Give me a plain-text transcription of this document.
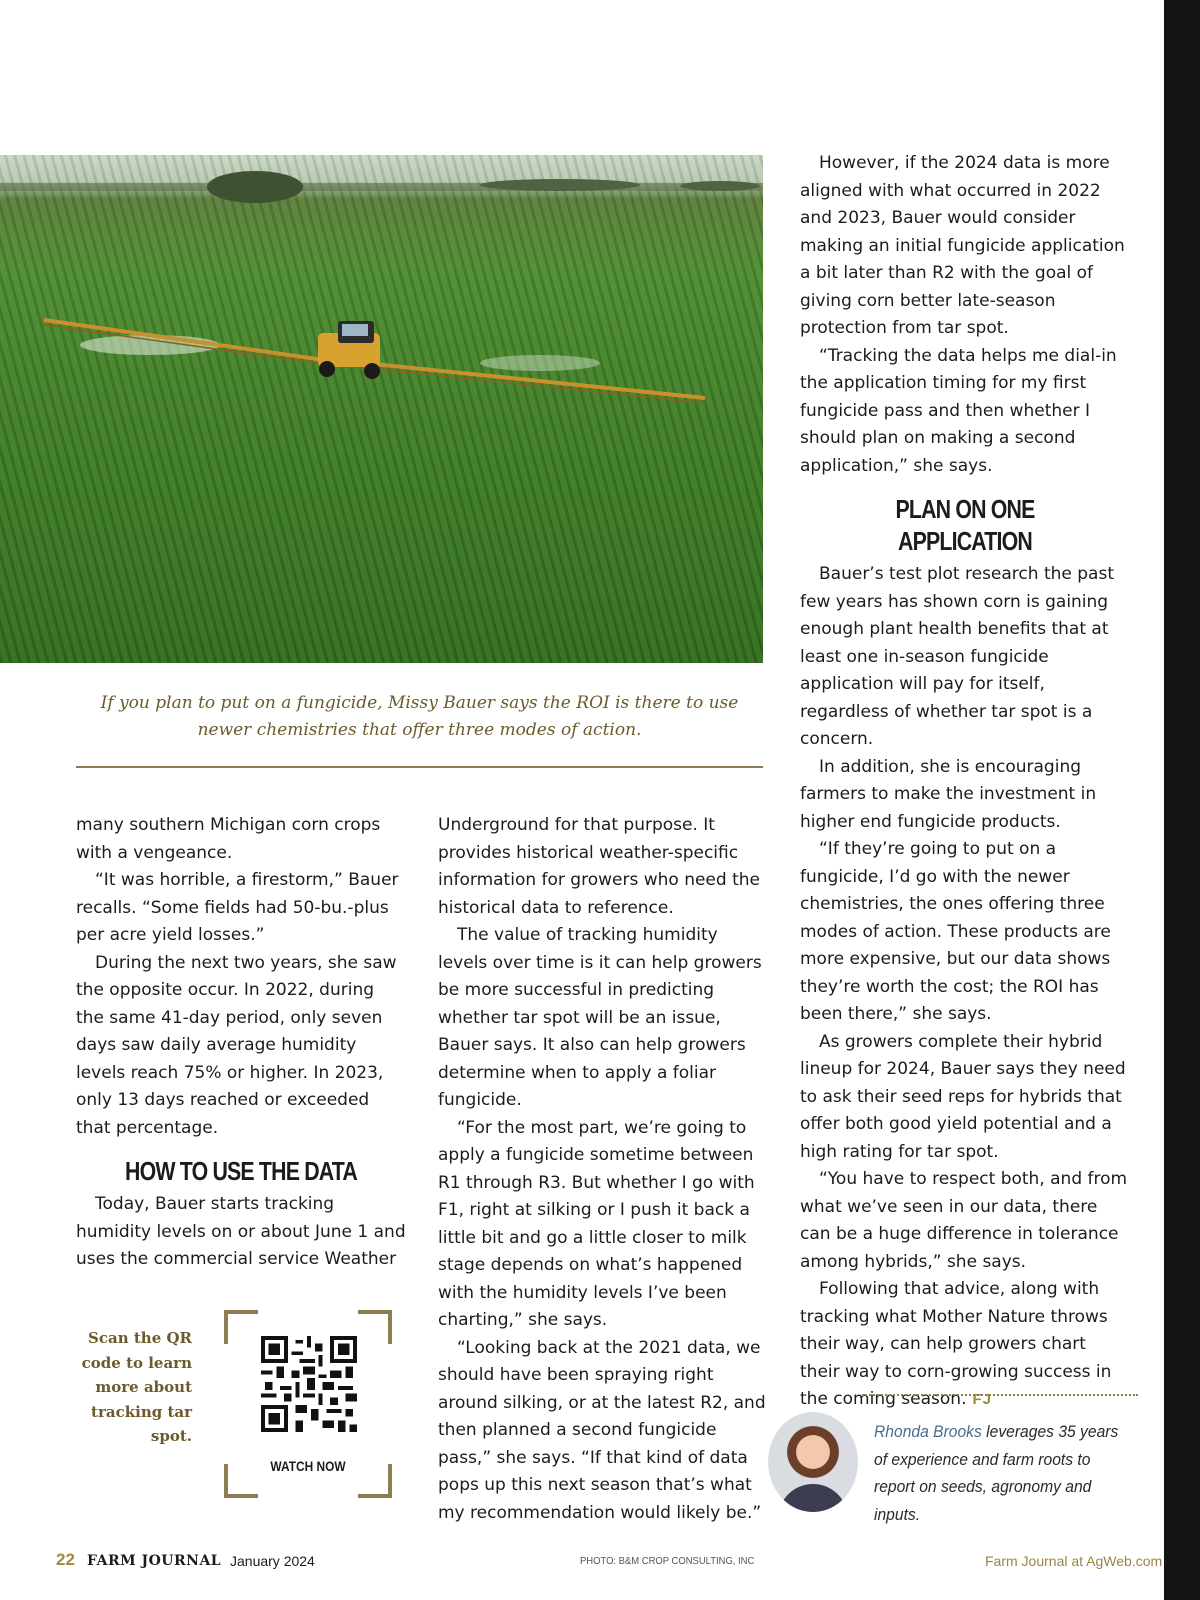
If you plan to put on a fungicide, Missy Bauer says the ROI is there to use newer chemistries that offer three modes of action.

many southern Michigan corn crops with a vengeance.

“It was horrible, a firestorm,” Bauer recalls. “Some fields had 50-bu.-plus per acre yield losses.”

During the next two years, she saw the opposite occur. In 2022, during the same 41-day period, only seven days saw daily average humidity levels reach 75% or higher. In 2023, only 13 days reached or exceeded that percentage.

HOW TO USE THE DATA

Today, Bauer starts tracking humidity levels on or about June 1 and uses the commercial service Weather

Underground for that purpose. It provides historical weather-specific information for growers who need the historical data to reference.

The value of tracking humidity levels over time is it can help growers be more successful in predicting whether tar spot will be an issue, Bauer says. It also can help growers determine when to apply a foliar fungicide.

“For the most part, we’re going to apply a fungicide sometime between R1 through R3. But whether I go with F1, right at silking or I push it back a little bit and go a little closer to milk stage depends on what’s happened with the humidity levels I’ve been charting,” she says.

“Looking back at the 2021 data, we should have been spraying right around silking, or at the latest R2, and then planned a second fungicide pass,” she says. “If that kind of data pops up this next season that’s what my recommendation would likely be.”

However, if the 2024 data is more aligned with what occurred in 2022 and 2023, Bauer would consider making an initial fungicide application a bit later than R2 with the goal of giving corn better late-season protection from tar spot.

“Tracking the data helps me dial-in the application timing for my first fungicide pass and then whether I should plan on making a second application,” she says.

PLAN ON ONE APPLICATION

Bauer’s test plot research the past few years has shown corn is gaining enough plant health benefits that at least one in-season fungicide application will pay for itself, regardless of whether tar spot is a concern.

In addition, she is encouraging farmers to make the investment in higher end fungicide products.

“If they’re going to put on a fungicide, I’d go with the newer chemistries, the ones offering three modes of action. These products are more expensive, but our data shows they’re worth the cost; the ROI has been there,” she says.

As growers complete their hybrid lineup for 2024, Bauer says they need to ask their seed reps for hybrids that offer both good yield potential and a high rating for tar spot.

“You have to respect both, and from what we’ve seen in our data, there can be a huge difference in tolerance among hybrids,” she says.

Following that advice, along with tracking what Mother Nature throws their way, can help growers chart their way to corn-growing success in the coming season. FJ

Scan the QR code to learn more about tracking tar spot.
WATCH NOW
Rhonda Brooks leverages 35 years of experience and farm roots to report on seeds, agronomy and inputs.
22 FARM JOURNAL January 2024	PHOTO: B&M CROP CONSULTING, INC	Farm Journal at AgWeb.com
